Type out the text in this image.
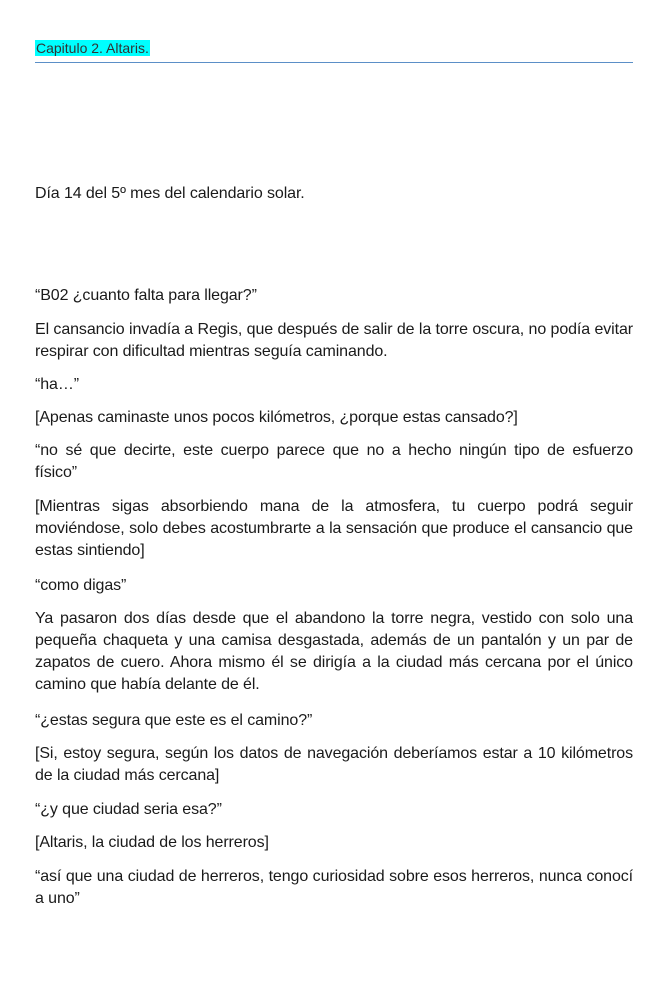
Capitulo 2. Altaris.

Día 14 del 5º mes del calendario solar.

“B02 ¿cuanto falta para llegar?”

El cansancio invadía a Regis, que después de salir de la torre oscura, no podía evitar respirar con dificultad mientras seguía caminando.

“ha…”

[Apenas caminaste unos pocos kilómetros, ¿porque estas cansado?]

“no sé que decirte, este cuerpo parece que no a hecho ningún tipo de esfuerzo físico”

[Mientras sigas absorbiendo mana de la atmosfera, tu cuerpo podrá seguir moviéndose, solo debes acostumbrarte a la sensación que produce el cansancio que estas sintiendo]

“como digas”

Ya pasaron dos días desde que el abandono la torre negra, vestido con solo una pequeña chaqueta y una camisa desgastada, además de un pantalón y un par de zapatos de cuero. Ahora mismo él se dirigía a la ciudad más cercana por el único camino que había delante de él.

“¿estas segura que este es el camino?”

[Si, estoy segura, según los datos de navegación deberíamos estar a 10 kilómetros de la ciudad más cercana]

“¿y que ciudad seria esa?”

[Altaris, la ciudad de los herreros]

“así que una ciudad de herreros, tengo curiosidad sobre esos herreros, nunca conocí a uno”
